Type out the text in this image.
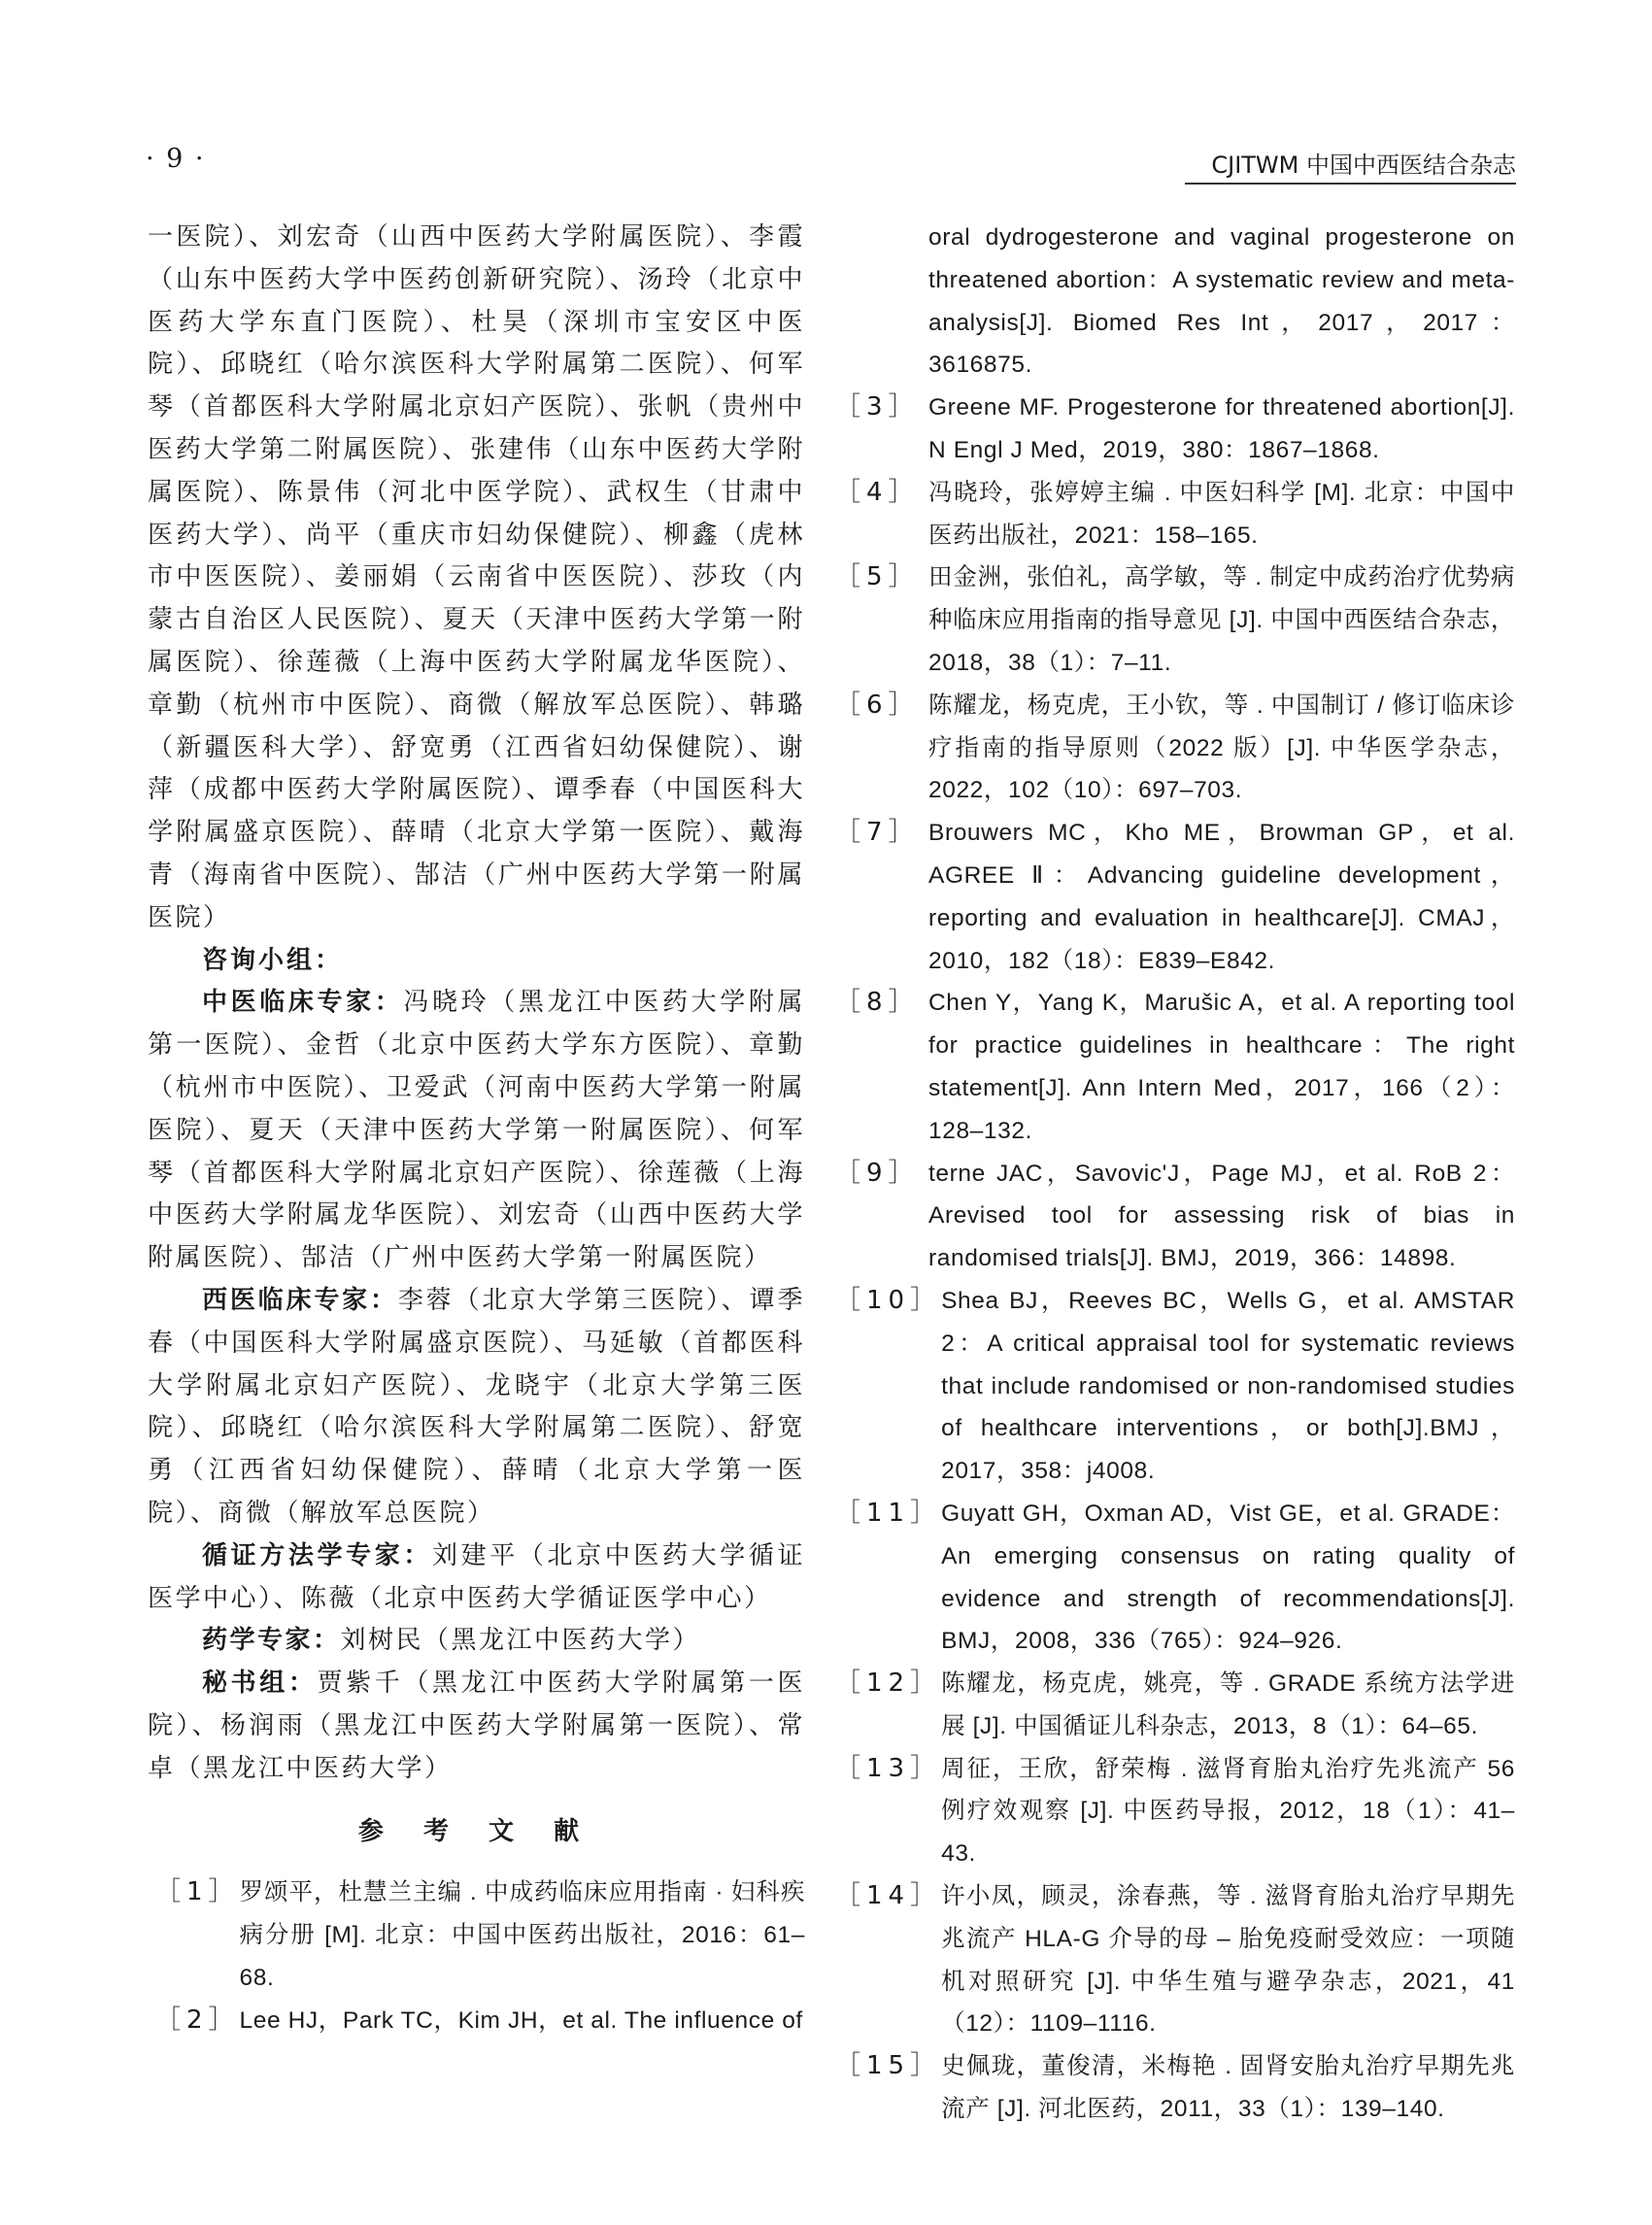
· 9 ·	CJITWM 中国中西医结合杂志
一医院）、刘宏奇（山西中医药大学附属医院）、李霞（山东中医药大学中医药创新研究院）、汤玲（北京中医药大学东直门医院）、杜昊（深圳市宝安区中医院）、邱晓红（哈尔滨医科大学附属第二医院）、何军琴（首都医科大学附属北京妇产医院）、张帆（贵州中医药大学第二附属医院）、张建伟（山东中医药大学附属医院）、陈景伟（河北中医学院）、武权生（甘肃中医药大学）、尚平（重庆市妇幼保健院）、柳鑫（虎林市中医医院）、姜丽娟（云南省中医医院）、莎玫（内蒙古自治区人民医院）、夏天（天津中医药大学第一附属医院）、徐莲薇（上海中医药大学附属龙华医院）、章勤（杭州市中医院）、商微（解放军总医院）、韩璐（新疆医科大学）、舒宽勇（江西省妇幼保健院）、谢萍（成都中医药大学附属医院）、谭季春（中国医科大学附属盛京医院）、薛晴（北京大学第一医院）、戴海青（海南省中医院）、郜洁（广州中医药大学第一附属医院）
咨询小组：
中医临床专家：冯晓玲（黑龙江中医药大学附属第一医院）、金哲（北京中医药大学东方医院）、章勤（杭州市中医院）、卫爱武（河南中医药大学第一附属医院）、夏天（天津中医药大学第一附属医院）、何军琴（首都医科大学附属北京妇产医院）、徐莲薇（上海中医药大学附属龙华医院）、刘宏奇（山西中医药大学附属医院）、郜洁（广州中医药大学第一附属医院）
西医临床专家：李蓉（北京大学第三医院）、谭季春（中国医科大学附属盛京医院）、马延敏（首都医科大学附属北京妇产医院）、龙晓宇（北京大学第三医院）、邱晓红（哈尔滨医科大学附属第二医院）、舒宽勇（江西省妇幼保健院）、薛晴（北京大学第一医院）、商微（解放军总医院）
循证方法学专家：刘建平（北京中医药大学循证医学中心）、陈薇（北京中医药大学循证医学中心）
药学专家：刘树民（黑龙江中医药大学）
秘书组：贾紫千（黑龙江中医药大学附属第一医院）、杨润雨（黑龙江中医药大学附属第一医院）、常卓（黑龙江中医药大学）
参 考 文 献
［1］ 罗颂平，杜慧兰主编 . 中成药临床应用指南 · 妇科疾病分册 [M]. 北京：中国中医药出版社，2016：61–68.
［2］ Lee HJ，Park TC，Kim JH，et al. The influence of
oral dydrogesterone and vaginal progesterone on threatened abortion：A systematic review and meta-analysis[J]. Biomed Res Int，2017，2017：3616875.
［3］ Greene MF. Progesterone for threatened abortion[J]. N Engl J Med，2019，380：1867–1868.
［4］ 冯晓玲，张婷婷主编 . 中医妇科学 [M]. 北京：中国中医药出版社，2021：158–165.
［5］ 田金洲，张伯礼，高学敏，等 . 制定中成药治疗优势病种临床应用指南的指导意见 [J]. 中国中西医结合杂志，2018，38（1）：7–11.
［6］ 陈耀龙，杨克虎，王小钦，等 . 中国制订 / 修订临床诊疗指南的指导原则（2022 版）[J]. 中华医学杂志，2022，102（10）：697–703.
［7］ Brouwers MC，Kho ME，Browman GP，et al. AGREE Ⅱ：Advancing guideline development，reporting and evaluation in healthcare[J]. CMAJ，2010，182（18）：E839–E842.
［8］ Chen Y，Yang K，Marušic A，et al. A reporting tool for practice guidelines in healthcare：The right statement[J]. Ann Intern Med，2017，166（2）：128–132.
［9］ terne JAC，Savovic'J，Page MJ，et al. RoB 2：Arevised tool for assessing risk of bias in randomised trials[J]. BMJ，2019，366：14898.
［10］ Shea BJ，Reeves BC，Wells G，et al. AMSTAR 2：A critical appraisal tool for systematic reviews that include randomised or non-randomised studies of healthcare interventions，or both[J].BMJ，2017，358：j4008.
［11］ Guyatt GH，Oxman AD，Vist GE，et al. GRADE：An emerging consensus on rating quality of evidence and strength of recommendations[J]. BMJ，2008，336（765）：924–926.
［12］ 陈耀龙，杨克虎，姚亮，等 . GRADE 系统方法学进展 [J]. 中国循证儿科杂志，2013，8（1）：64–65.
［13］ 周征，王欣，舒荣梅 . 滋肾育胎丸治疗先兆流产 56 例疗效观察 [J]. 中医药导报，2012，18（1）：41–43.
［14］ 许小凤，顾灵，涂春燕，等 . 滋肾育胎丸治疗早期先兆流产 HLA-G 介导的母 – 胎免疫耐受效应：一项随机对照研究 [J]. 中华生殖与避孕杂志，2021，41（12）：1109–1116.
［15］ 史佩珑，董俊清，米梅艳 . 固肾安胎丸治疗早期先兆流产 [J]. 河北医药，2011，33（1）：139–140.
